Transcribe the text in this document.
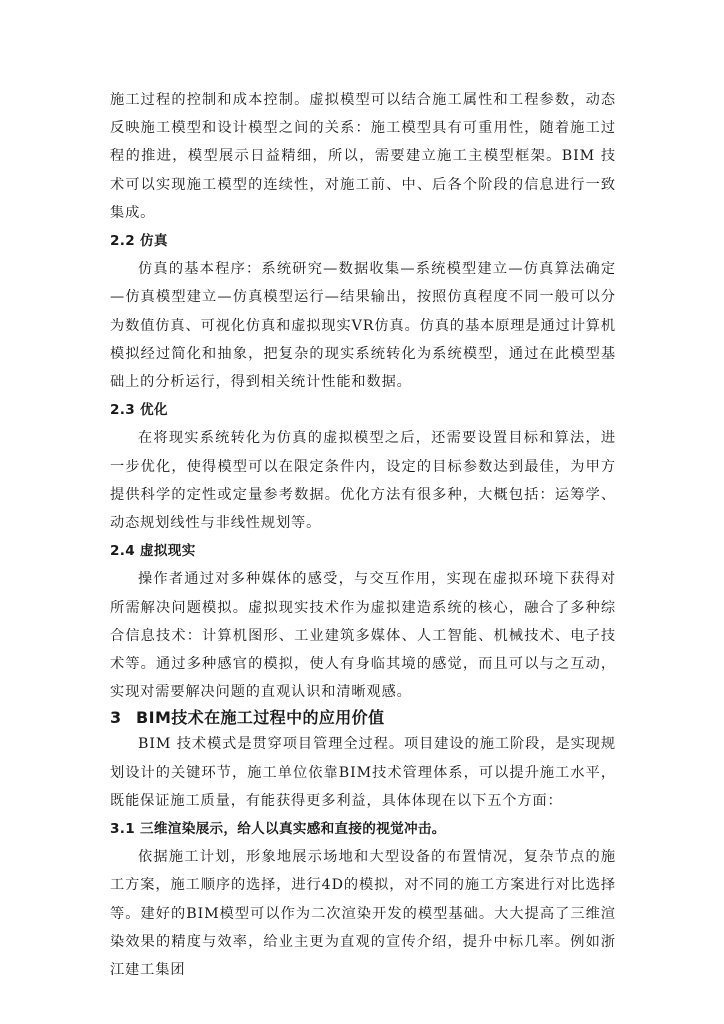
施工过程的控制和成本控制。虚拟模型可以结合施工属性和工程参数，动态反映施工模型和设计模型之间的关系：施工模型具有可重用性，随着施工过程的推进，模型展示日益精细，所以，需要建立施工主模型框架。BIM 技术可以实现施工模型的连续性，对施工前、中、后各个阶段的信息进行一致集成。

2.2 仿真

仿真的基本程序：系统研究—数据收集—系统模型建立—仿真算法确定—仿真模型建立—仿真模型运行—结果输出，按照仿真程度不同一般可以分为数值仿真、可视化仿真和虚拟现实VR仿真。仿真的基本原理是通过计算机模拟经过简化和抽象，把复杂的现实系统转化为系统模型，通过在此模型基础上的分析运行，得到相关统计性能和数据。

2.3 优化

在将现实系统转化为仿真的虚拟模型之后，还需要设置目标和算法，进一步优化，使得模型可以在限定条件内，设定的目标参数达到最佳，为甲方提供科学的定性或定量参考数据。优化方法有很多种，大概包括：运筹学、动态规划线性与非线性规划等。

2.4 虚拟现实

操作者通过对多种媒体的感受，与交互作用，实现在虚拟环境下获得对所需解决问题模拟。虚拟现实技术作为虚拟建造系统的核心，融合了多种综合信息技术：计算机图形、工业建筑多媒体、人工智能、机械技术、电子技术等。通过多种感官的模拟，使人有身临其境的感觉，而且可以与之互动，实现对需要解决问题的直观认识和清晰观感。

3 BIM技术在施工过程中的应用价值

BIM 技术模式是贯穿项目管理全过程。项目建设的施工阶段，是实现规划设计的关键环节，施工单位依靠BIM技术管理体系，可以提升施工水平，既能保证施工质量，有能获得更多利益，具体体现在以下五个方面：

3.1 三维渲染展示，给人以真实感和直接的视觉冲击。

依据施工计划，形象地展示场地和大型设备的布置情况，复杂节点的施工方案，施工顺序的选择，进行4D的模拟，对不同的施工方案进行对比选择等。建好的BIM模型可以作为二次渲染开发的模型基础。大大提高了三维渲染效果的精度与效率，给业主更为直观的宣传介绍，提升中标几率。例如浙江建工集团
